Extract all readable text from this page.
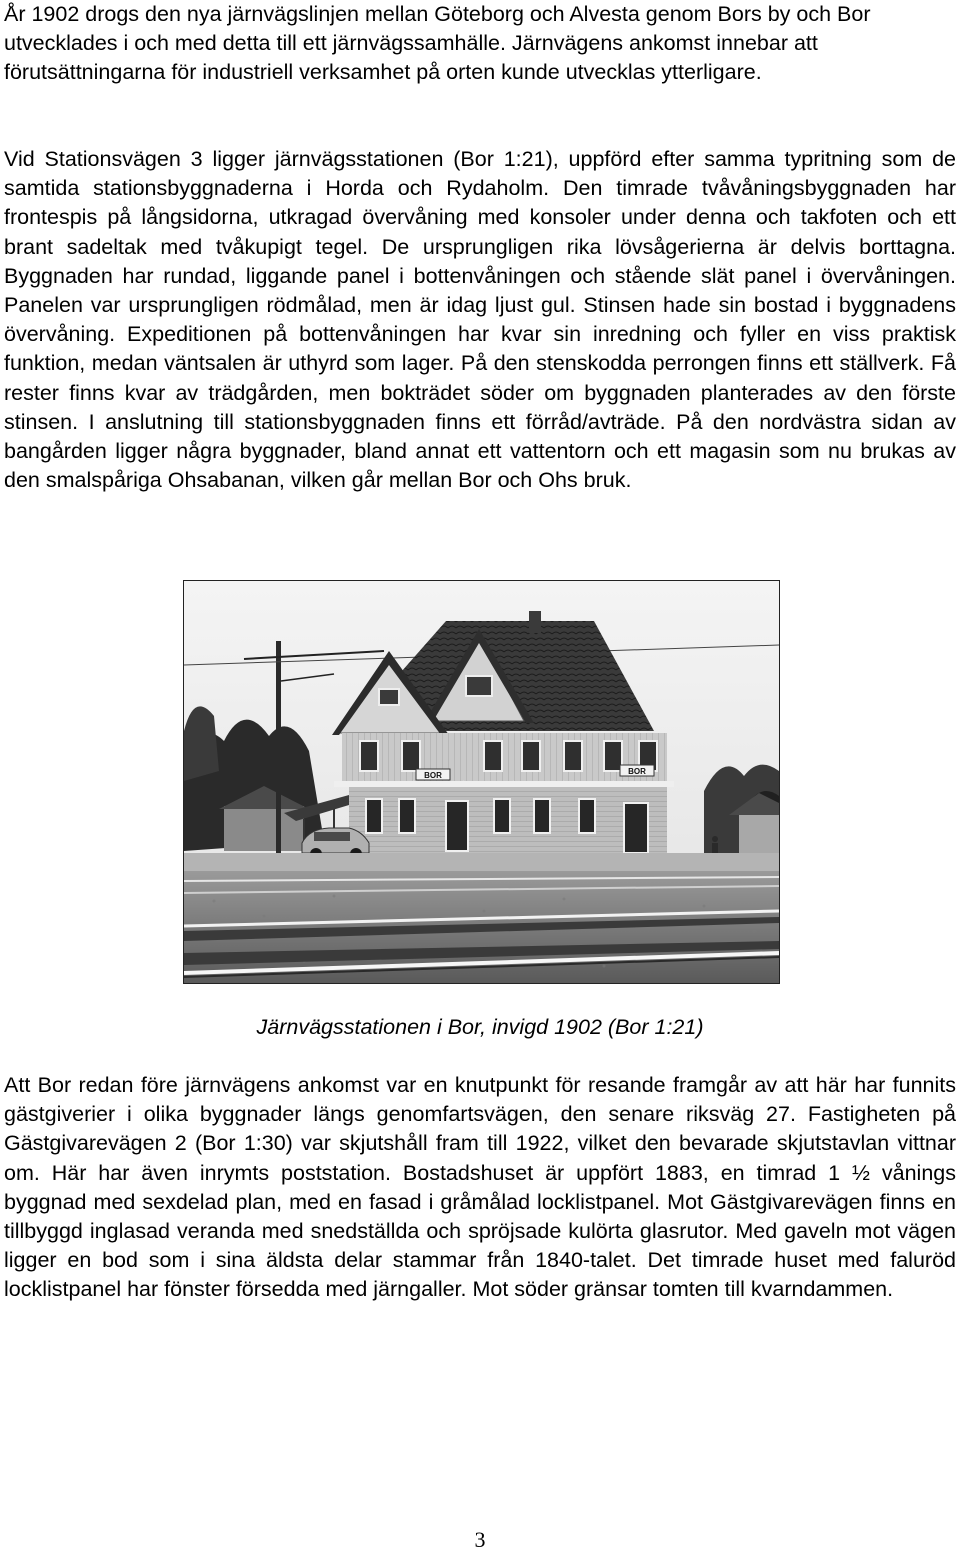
År 1902 drogs den nya järnvägslinjen mellan Göteborg och Alvesta genom Bors by och Bor utvecklades i och med detta till ett järnvägssamhälle. Järnvägens ankomst innebar att förutsättningarna för industriell verksamhet på orten kunde utvecklas ytterligare.

Vid Stationsvägen 3 ligger järnvägsstationen (Bor 1:21), uppförd efter samma typritning som de samtida stationsbyggnaderna i Horda och Rydaholm. Den timrade tvåvåningsbyggnaden har frontespis på långsidorna, utkragad övervåning med konsoler under denna och takfoten och ett brant sadeltak med tvåkupigt tegel. De ursprungligen rika lövsågerierna är delvis borttagna. Byggnaden har rundad, liggande panel i bottenvåningen och stående slät panel i övervåningen. Panelen var ursprungligen rödmålad, men är idag ljust gul. Stinsen hade sin bostad i byggnadens övervåning. Expeditionen på bottenvåningen har kvar sin inredning och fyller en viss praktisk funktion, medan väntsalen är uthyrd som lager. På den stenskodda perrongen finns ett ställverk. Få rester finns kvar av trädgården, men bokträdet söder om byggnaden planterades av den förste stinsen. I anslutning till stationsbyggnaden finns ett förråd/avträde. På den nordvästra sidan av bangården ligger några byggnader, bland annat ett vattentorn och ett magasin som nu brukas av den smalspåriga Ohsabanan, vilken går mellan Bor och Ohs bruk.

BOR	BOR

Järnvägsstationen i Bor, invigd 1902 (Bor 1:21)

Att Bor redan före järnvägens ankomst var en knutpunkt för resande framgår av att här har funnits gästgiverier i olika byggnader längs genomfartsvägen, den senare riksväg 27. Fastigheten på Gästgivarevägen 2 (Bor 1:30) var skjutshåll fram till 1922, vilket den bevarade skjutstavlan vittnar om. Här har även inrymts poststation. Bostadshuset är uppfört 1883, en timrad 1 ½ vånings byggnad med sexdelad plan, med en fasad i gråmålad locklistpanel. Mot Gästgivarevägen finns en tillbyggd inglasad veranda med snedställda och spröjsade kulörta glasrutor. Med gaveln mot vägen ligger en bod som i sina äldsta delar stammar från 1840-talet. Det timrade huset med faluröd locklistpanel har fönster försedda med järngaller. Mot söder gränsar tomten till kvarndammen.

3
